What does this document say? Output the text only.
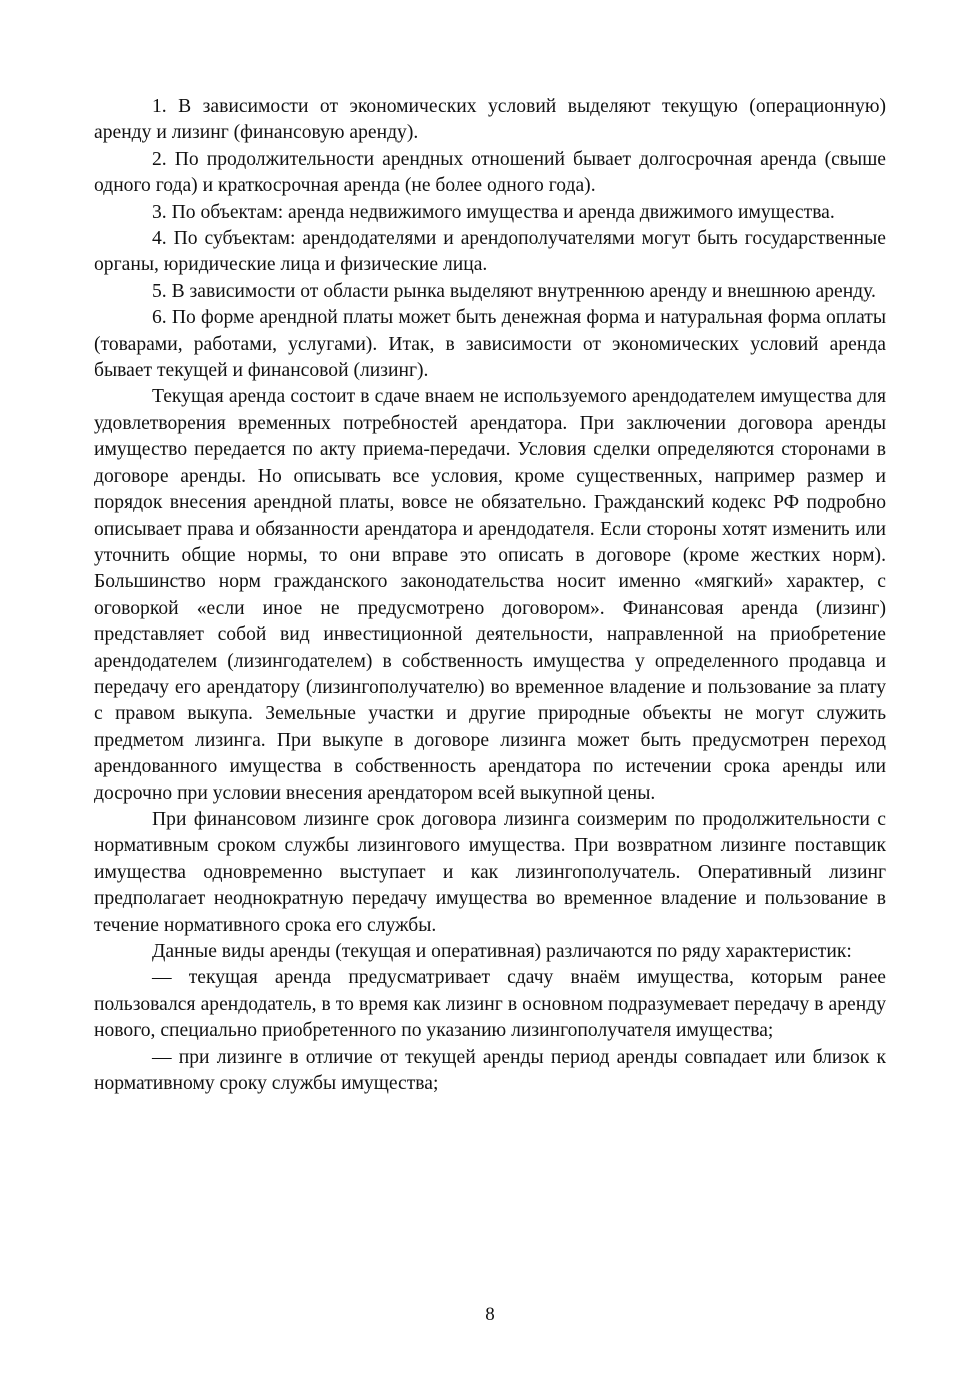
1. В зависимости от экономических условий выделяют текущую (операционную) аренду и лизинг (финансовую аренду).

2. По продолжительности арендных отношений бывает долгосрочная аренда (свыше одного года) и краткосрочная аренда (не более одного года).

3. По объектам: аренда недвижимого имущества и аренда движимого имущества.

4. По субъектам: арендодателями и арендополучателями могут быть государственные органы, юридические лица и физические лица.

5. В зависимости от области рынка выделяют внутреннюю аренду и внешнюю аренду.

6. По форме арендной платы может быть денежная форма и натуральная форма оплаты (товарами, работами, услугами). Итак, в зависимости от экономических условий аренда бывает текущей и финансовой (лизинг).

Текущая аренда состоит в сдаче внаем не используемого арендодателем имущества для удовлетворения временных потребностей арендатора. При заключении договора аренды имущество передается по акту приема-передачи. Условия сделки определяются сторонами в договоре аренды. Но описывать все условия, кроме существенных, например размер и порядок внесения арендной платы, вовсе не обязательно. Гражданский кодекс РФ подробно описывает права и обязанности арендатора и арендодателя. Если стороны хотят изменить или уточнить общие нормы, то они вправе это описать в договоре (кроме жестких норм). Большинство норм гражданского законодательства носит именно «мягкий» характер, с оговоркой «если иное не предусмотрено договором». Финансовая аренда (лизинг) представляет собой вид инвестиционной деятельности, направленной на приобретение арендодателем (лизингодателем) в собственность имущества у определенного продавца и передачу его арендатору (лизингополучателю) во временное владение и пользование за плату с правом выкупа. Земельные участки и другие природные объекты не могут служить предметом лизинга. При выкупе в договоре лизинга может быть предусмотрен переход арендованного имущества в собственность арендатора по истечении срока аренды или досрочно при условии внесения арендатором всей выкупной цены.

При финансовом лизинге срок договора лизинга соизмерим по продолжительности с нормативным сроком службы лизингового имущества. При возвратном лизинге поставщик имущества одновременно выступает и как лизингополучатель. Оперативный лизинг предполагает неоднократную передачу имущества во временное владение и пользование в течение нормативного срока его службы.

Данные виды аренды (текущая и оперативная) различаются по ряду характеристик:

— текущая аренда предусматривает сдачу внаём имущества, которым ранее пользовался арендодатель, в то время как лизинг в основном подразумевает передачу в аренду нового, специально приобретенного по указанию лизингополучателя имущества;

— при лизинге в отличие от текущей аренды период аренды совпадает или близок к нормативному сроку службы имущества;

8
